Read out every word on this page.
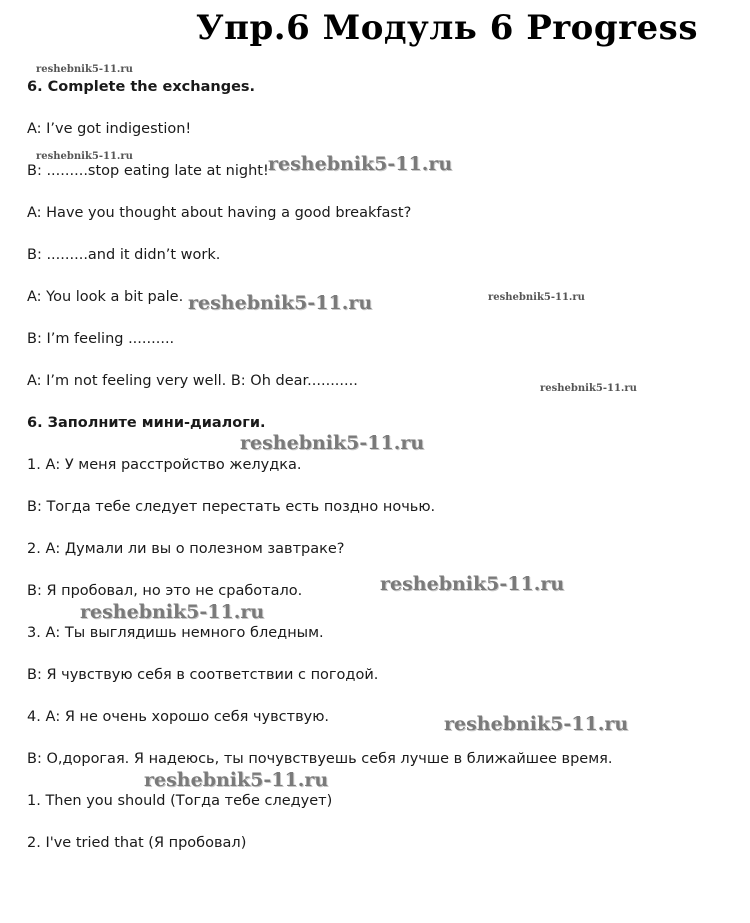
Упр.6 Модуль 6 Progress
6. Complete the exchanges.
A: I’ve got indigestion!
B: .........stop eating late at night!
A: Have you thought about having a good breakfast?
B: .........and it didn’t work.
A: You look a bit pale.
B: I’m feeling ..........
A: I’m not feeling very well. B: Oh dear...........
6. Заполните мини-диалоги.
1. А: У меня расстройство желудка.
В: Тогда тебе следует перестать есть поздно ночью.
2. А: Думали ли вы о полезном завтраке?
В: Я пробовал, но это не сработало.
3. А: Ты выглядишь немного бледным.
В: Я чувствую себя в соответствии с погодой.
4. А: Я не очень хорошо себя чувствую.
В: О,дорогая. Я надеюсь, ты почувствуешь себя лучше в ближайшее время.
1. Then you should (Тогда тебе следует)
2. I've tried that (Я пробовал)
reshebnik5-11.ru
reshebnik5-11.ru
reshebnik5-11.ru
reshebnik5-11.ru
reshebnik5-11.ru
reshebnik5-11.ru
reshebnik5-11.ru
reshebnik5-11.ru
reshebnik5-11.ru
reshebnik5-11.ru
reshebnik5-11.ru
